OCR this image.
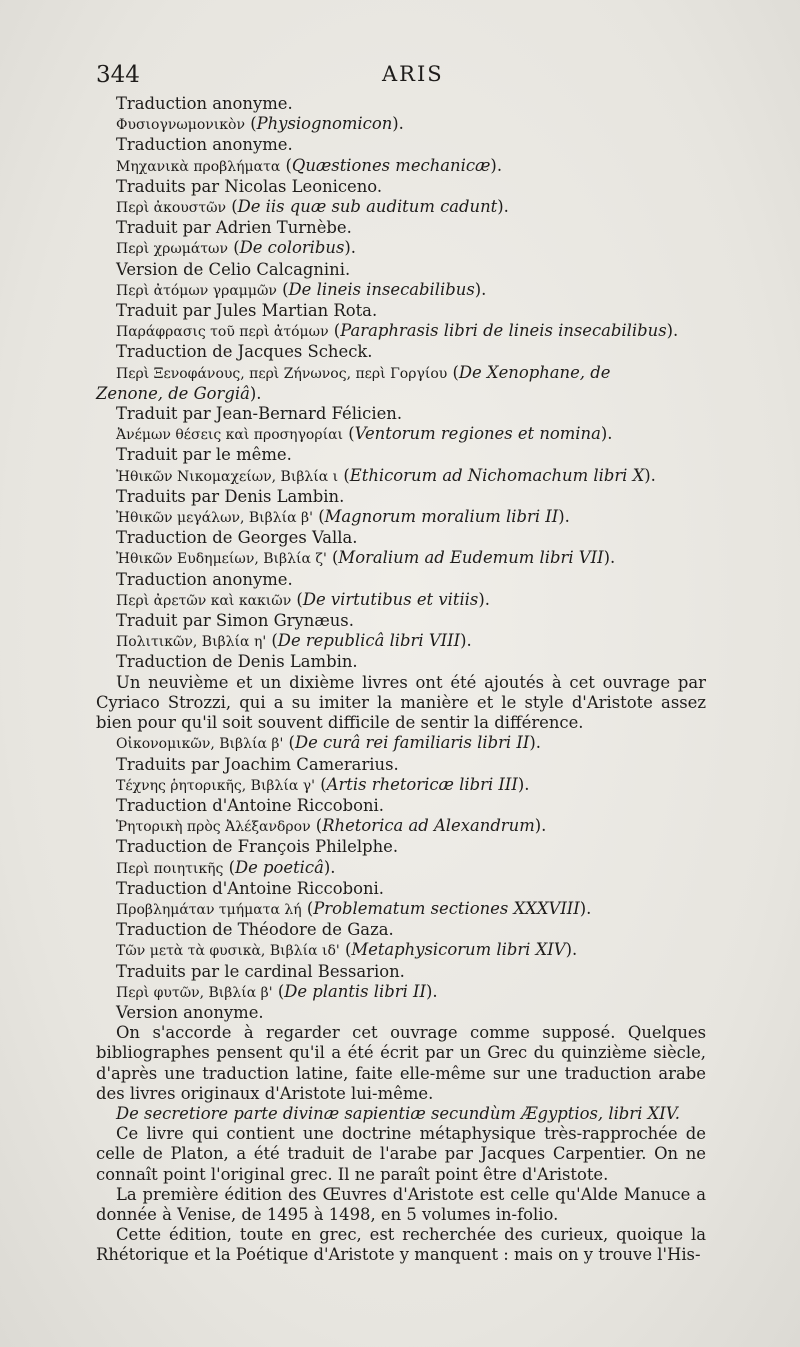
344	ARIS
Traduction anonyme.
Φυσιογνωμονικὸν (Physiognomicon).
Traduction anonyme.
Μηχανικὰ προβλήματα (Quæstiones mechanicæ).
Traduits par Nicolas Leoniceno.
Περὶ ἀκουστῶν (De iis quæ sub auditum cadunt).
Traduit par Adrien Turnèbe.
Περὶ χρωμάτων (De coloribus).
Version de Celio Calcagnini.
Περὶ ἀτόμων γραμμῶν (De lineis insecabilibus).
Traduit par Jules Martian Rota.
Παράφρασις τοῦ περὶ ἀτόμων (Paraphrasis libri de lineis insecabilibus).
Traduction de Jacques Scheck.
Περὶ Ξενοφάνους, περὶ Ζήνωνος, περὶ Γοργίου (De Xenophane, de
Zenone, de Gorgiâ).
Traduit par Jean-Bernard Félicien.
Ἀνέμων θέσεις καὶ προσηγορίαι (Ventorum regiones et nomina).
Traduit par le même.
Ἠθικῶν Νικομαχείων, Βιβλία ι (Ethicorum ad Nichomachum libri X).
Traduits par Denis Lambin.
Ἠθικῶν μεγάλων, Βιβλία β' (Magnorum moralium libri II).
Traduction de Georges Valla.
Ἠθικῶν Ευδημείων, Βιβλία ζ' (Moralium ad Eudemum libri VII).
Traduction anonyme.
Περὶ ἀρετῶν καὶ κακιῶν (De virtutibus et vitiis).
Traduit par Simon Grynæus.
Πολιτικῶν, Βιβλία η' (De republicâ libri VIII).
Traduction de Denis Lambin.
Un neuvième et un dixième livres ont été ajoutés à cet ouvrage par Cyriaco Strozzi, qui a su imiter la manière et le style d'Aristote assez bien pour qu'il soit souvent difficile de sentir la différence.
Οἰκονομικῶν, Βιβλία β' (De curâ rei familiaris libri II).
Traduits par Joachim Camerarius.
Τέχνης ῥητορικῆς, Βιβλία γ' (Artis rhetoricæ libri III).
Traduction d'Antoine Riccoboni.
Ῥητορικὴ πρὸς Ἀλέξανδρον (Rhetorica ad Alexandrum).
Traduction de François Philelphe.
Περὶ ποιητικῆς (De poeticâ).
Traduction d'Antoine Riccoboni.
Προβλημάταν τμήματα λή (Problematum sectiones XXXVIII).
Traduction de Théodore de Gaza.
Τῶν μετὰ τὰ φυσικὰ, Βιβλία ιδ' (Metaphysicorum libri XIV).
Traduits par le cardinal Bessarion.
Περὶ φυτῶν, Βιβλία β' (De plantis libri II).
Version anonyme.
On s'accorde à regarder cet ouvrage comme supposé. Quelques bibliographes pensent qu'il a été écrit par un Grec du quinzième siècle, d'après une traduction latine, faite elle-même sur une traduction arabe des livres originaux d'Aristote lui-même.
De secretiore parte divinæ sapientiæ secundùm Ægyptios, libri XIV.
Ce livre qui contient une doctrine métaphysique très-rapprochée de celle de Platon, a été traduit de l'arabe par Jacques Carpentier. On ne connaît point l'original grec. Il ne paraît point être d'Aristote.
La première édition des Œuvres d'Aristote est celle qu'Alde Manuce a donnée à Venise, de 1495 à 1498, en 5 volumes in-folio.
Cette édition, toute en grec, est recherchée des curieux, quoique la Rhétorique et la Poétique d'Aristote y manquent : mais on y trouve l'His-
